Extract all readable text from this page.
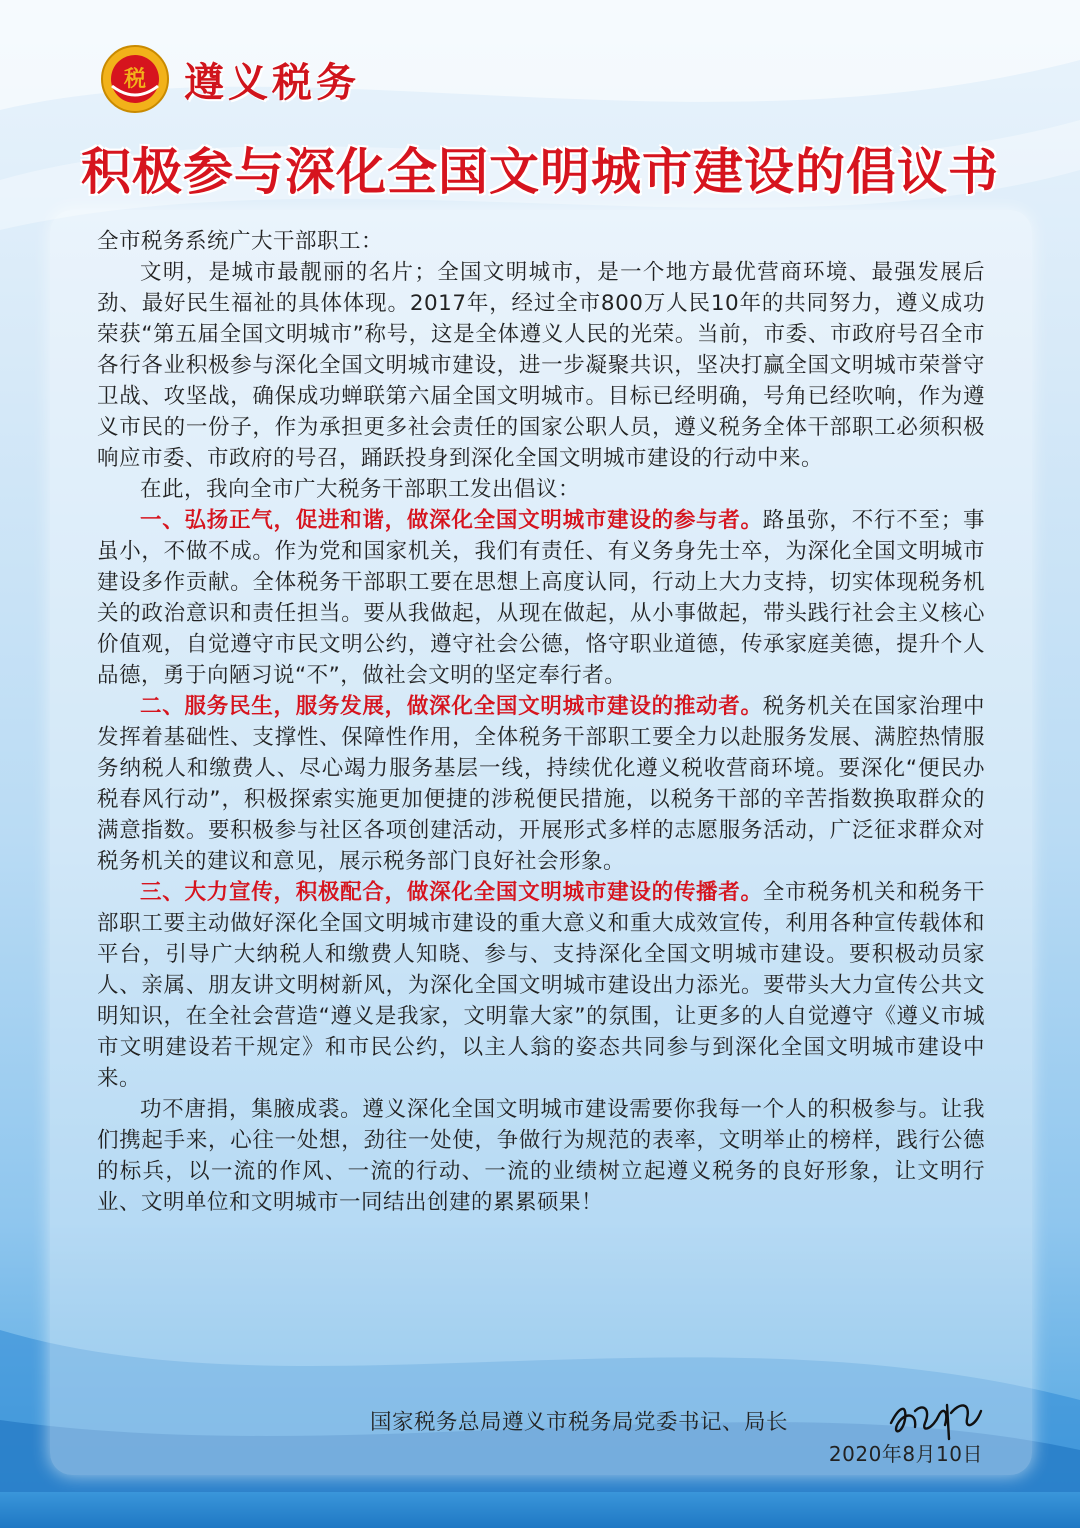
税 遵义税务
积极参与深化全国文明城市建设的倡议书

全市税务系统广大干部职工：

文明，是城市最靓丽的名片；全国文明城市，是一个地方最优营商环境、最强发展后劲、最好民生福祉的具体体现。2017年，经过全市800万人民10年的共同努力，遵义成功荣获“第五届全国文明城市”称号，这是全体遵义人民的光荣。当前，市委、市政府号召全市各行各业积极参与深化全国文明城市建设，进一步凝聚共识，坚决打赢全国文明城市荣誉守卫战、攻坚战，确保成功蝉联第六届全国文明城市。目标已经明确，号角已经吹响，作为遵义市民的一份子，作为承担更多社会责任的国家公职人员，遵义税务全体干部职工必须积极响应市委、市政府的号召，踊跃投身到深化全国文明城市建设的行动中来。

在此，我向全市广大税务干部职工发出倡议：

一、弘扬正气，促进和谐，做深化全国文明城市建设的参与者。路虽弥，不行不至；事虽小，不做不成。作为党和国家机关，我们有责任、有义务身先士卒，为深化全国文明城市建设多作贡献。全体税务干部职工要在思想上高度认同，行动上大力支持，切实体现税务机关的政治意识和责任担当。要从我做起，从现在做起，从小事做起，带头践行社会主义核心价值观，自觉遵守市民文明公约，遵守社会公德，恪守职业道德，传承家庭美德，提升个人品德，勇于向陋习说“不”，做社会文明的坚定奉行者。

二、服务民生，服务发展，做深化全国文明城市建设的推动者。税务机关在国家治理中发挥着基础性、支撑性、保障性作用，全体税务干部职工要全力以赴服务发展、满腔热情服务纳税人和缴费人、尽心竭力服务基层一线，持续优化遵义税收营商环境。要深化“便民办税春风行动”，积极探索实施更加便捷的涉税便民措施，以税务干部的辛苦指数换取群众的满意指数。要积极参与社区各项创建活动，开展形式多样的志愿服务活动，广泛征求群众对税务机关的建议和意见，展示税务部门良好社会形象。

三、大力宣传，积极配合，做深化全国文明城市建设的传播者。全市税务机关和税务干部职工要主动做好深化全国文明城市建设的重大意义和重大成效宣传，利用各种宣传载体和平台，引导广大纳税人和缴费人知晓、参与、支持深化全国文明城市建设。要积极动员家人、亲属、朋友讲文明树新风，为深化全国文明城市建设出力添光。要带头大力宣传公共文明知识，在全社会营造“遵义是我家，文明靠大家”的氛围，让更多的人自觉遵守《遵义市城市文明建设若干规定》和市民公约，以主人翁的姿态共同参与到深化全国文明城市建设中来。

功不唐捐，集腋成裘。遵义深化全国文明城市建设需要你我每一个人的积极参与。让我们携起手来，心往一处想，劲往一处使，争做行为规范的表率，文明举止的榜样，践行公德的标兵，以一流的作风、一流的行动、一流的业绩树立起遵义税务的良好形象，让文明行业、文明单位和文明城市一同结出创建的累累硕果！

国家税务总局遵义市税务局党委书记、局长
2020年8月10日
